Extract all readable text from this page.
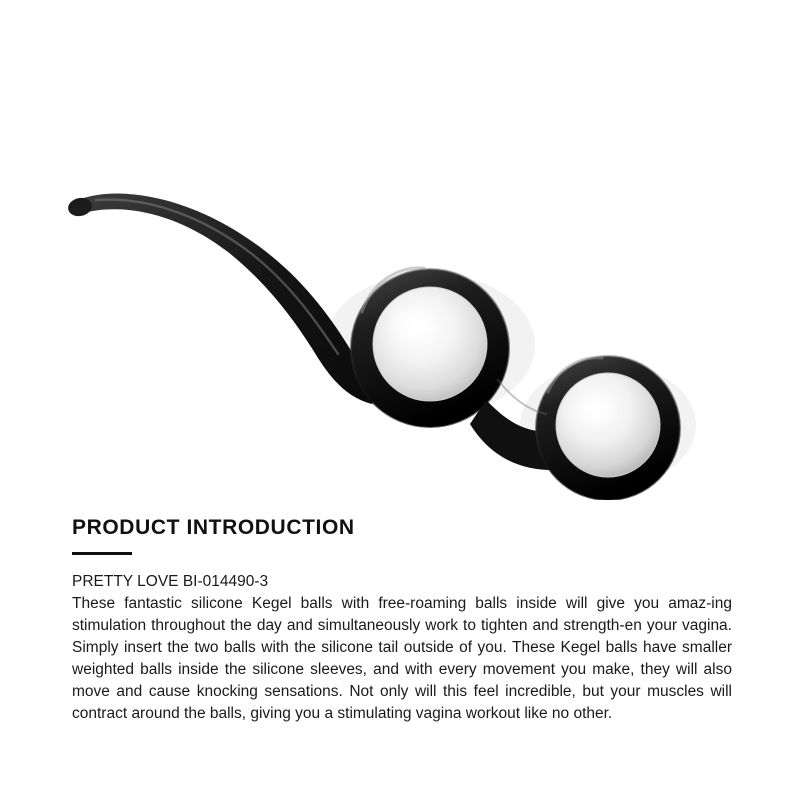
PRODUCT INTRODUCTION

PRETTY LOVE BI-014490-3

These fantastic silicone Kegel balls with free-roaming balls inside will give you amaz-ing stimulation throughout the day and simultaneously work to tighten and strength-en your vagina. Simply insert the two balls with the silicone tail outside of you. These Kegel balls have smaller weighted balls inside the silicone sleeves, and with every movement you make, they will also move and cause knocking sensations. Not only will this feel incredible, but your muscles will contract around the balls, giving you a stimulating vagina workout like no other.
